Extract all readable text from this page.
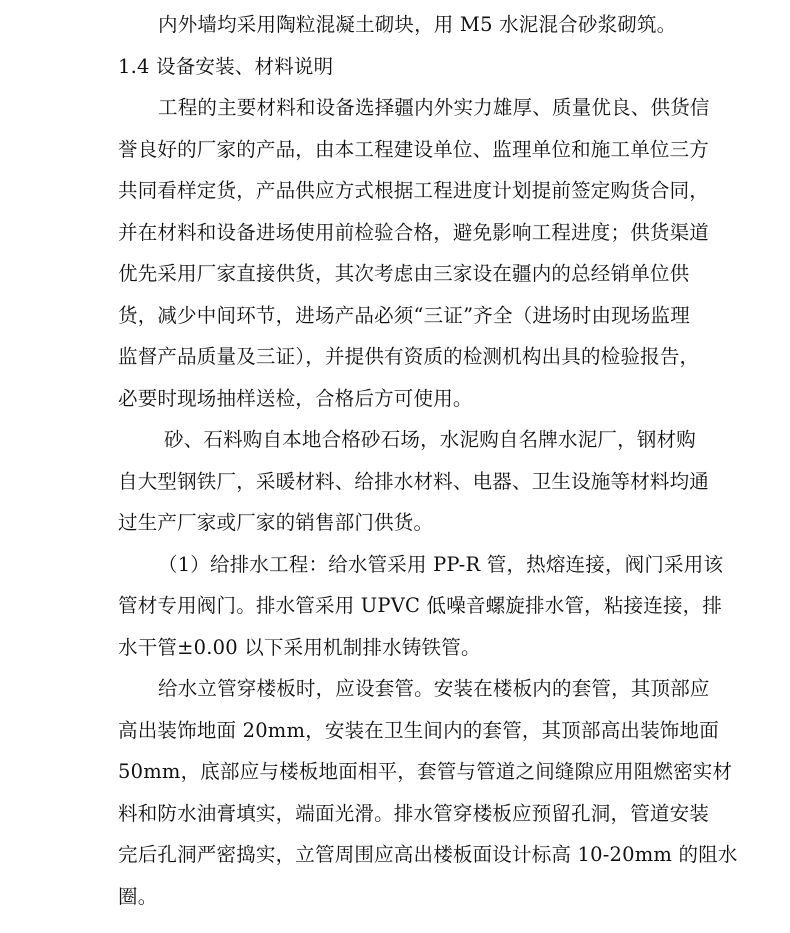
内外墙均采用陶粒混凝土砌块，用 M5 水泥混合砂浆砌筑。
1.4 设备安装、材料说明
工程的主要材料和设备选择疆内外实力雄厚、质量优良、供货信
誉良好的厂家的产品，由本工程建设单位、监理单位和施工单位三方
共同看样定货，产品供应方式根据工程进度计划提前签定购货合同，
并在材料和设备进场使用前检验合格，避免影响工程进度；供货渠道
优先采用厂家直接供货，其次考虑由三家设在疆内的总经销单位供
货，减少中间环节，进场产品必须“三证”齐全（进场时由现场监理
监督产品质量及三证），并提供有资质的检测机构出具的检验报告，
必要时现场抽样送检，合格后方可使用。
砂、石料购自本地合格砂石场，水泥购自名牌水泥厂，钢材购
自大型钢铁厂，采暖材料、给排水材料、电器、卫生设施等材料均通
过生产厂家或厂家的销售部门供货。
（1）给排水工程：给水管采用 PP-R 管，热熔连接，阀门采用该
管材专用阀门。排水管采用 UPVC 低噪音螺旋排水管，粘接连接，排
水干管±0.00 以下采用机制排水铸铁管。
给水立管穿楼板时，应设套管。安装在楼板内的套管，其顶部应
高出装饰地面 20mm，安装在卫生间内的套管，其顶部高出装饰地面
50mm，底部应与楼板地面相平，套管与管道之间缝隙应用阻燃密实材
料和防水油膏填实，端面光滑。排水管穿楼板应预留孔洞，管道安装
完后孔洞严密捣实，立管周围应高出楼板面设计标高 10-20mm 的阻水
圈。
